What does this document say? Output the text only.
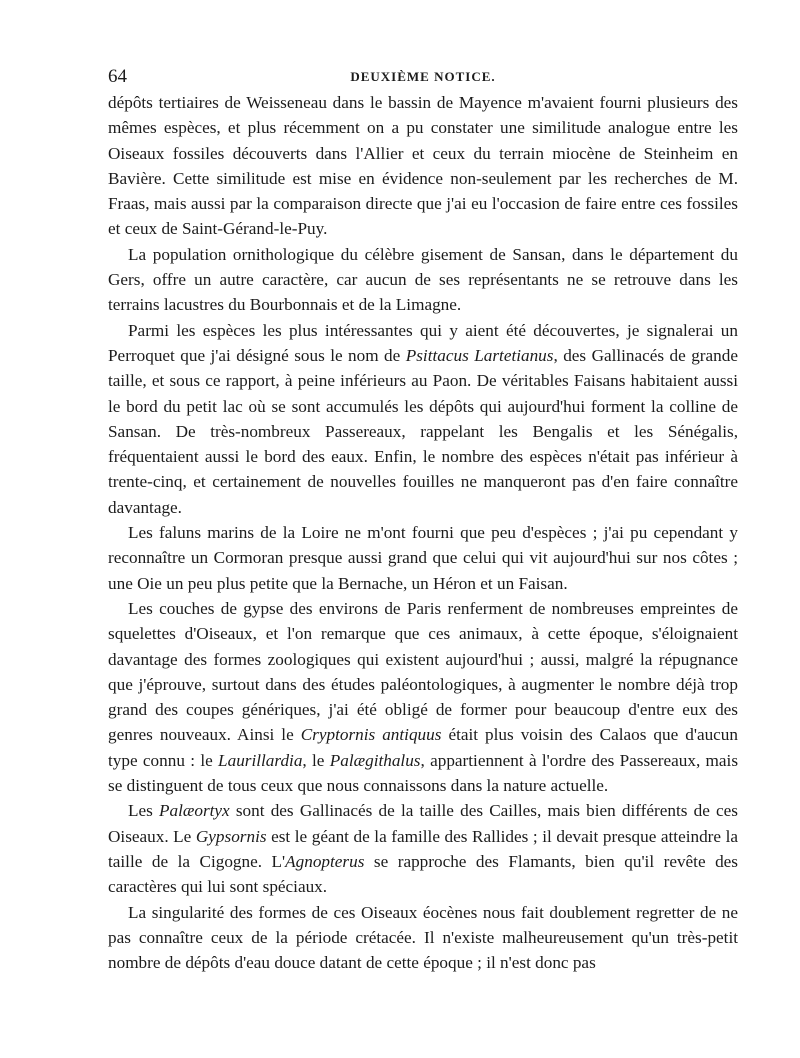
64	DEUXIÈME NOTICE.

dépôts tertiaires de Weisseneau dans le bassin de Mayence m'avaient fourni plusieurs des mêmes espèces, et plus récemment on a pu constater une similitude analogue entre les Oiseaux fossiles découverts dans l'Allier et ceux du terrain miocène de Steinheim en Bavière. Cette similitude est mise en évidence non-seulement par les recherches de M. Fraas, mais aussi par la comparaison directe que j'ai eu l'occasion de faire entre ces fossiles et ceux de Saint-Gérand-le-Puy.

La population ornithologique du célèbre gisement de Sansan, dans le département du Gers, offre un autre caractère, car aucun de ses représentants ne se retrouve dans les terrains lacustres du Bourbonnais et de la Limagne.

Parmi les espèces les plus intéressantes qui y aient été découvertes, je signalerai un Perroquet que j'ai désigné sous le nom de Psittacus Lartetianus, des Gallinacés de grande taille, et sous ce rapport, à peine inférieurs au Paon. De véritables Faisans habitaient aussi le bord du petit lac où se sont accumulés les dépôts qui aujourd'hui forment la colline de Sansan. De très-nombreux Passereaux, rappelant les Bengalis et les Sénégalis, fréquentaient aussi le bord des eaux. Enfin, le nombre des espèces n'était pas inférieur à trente-cinq, et certainement de nouvelles fouilles ne manqueront pas d'en faire connaître davantage.

Les faluns marins de la Loire ne m'ont fourni que peu d'espèces ; j'ai pu cependant y reconnaître un Cormoran presque aussi grand que celui qui vit aujourd'hui sur nos côtes ; une Oie un peu plus petite que la Bernache, un Héron et un Faisan.

Les couches de gypse des environs de Paris renferment de nombreuses empreintes de squelettes d'Oiseaux, et l'on remarque que ces animaux, à cette époque, s'éloignaient davantage des formes zoologiques qui existent aujourd'hui ; aussi, malgré la répugnance que j'éprouve, surtout dans des études paléontologiques, à augmenter le nombre déjà trop grand des coupes génériques, j'ai été obligé de former pour beaucoup d'entre eux des genres nouveaux. Ainsi le Cryptornis antiquus était plus voisin des Calaos que d'aucun type connu : le Laurillardia, le Palægithalus, appartiennent à l'ordre des Passereaux, mais se distinguent de tous ceux que nous connaissons dans la nature actuelle.

Les Palæortyx sont des Gallinacés de la taille des Cailles, mais bien différents de ces Oiseaux. Le Gypsornis est le géant de la famille des Rallides ; il devait presque atteindre la taille de la Cigogne. L'Agnopterus se rapproche des Flamants, bien qu'il revête des caractères qui lui sont spéciaux.

La singularité des formes de ces Oiseaux éocènes nous fait doublement regretter de ne pas connaître ceux de la période crétacée. Il n'existe malheureusement qu'un très-petit nombre de dépôts d'eau douce datant de cette époque ; il n'est donc pas
